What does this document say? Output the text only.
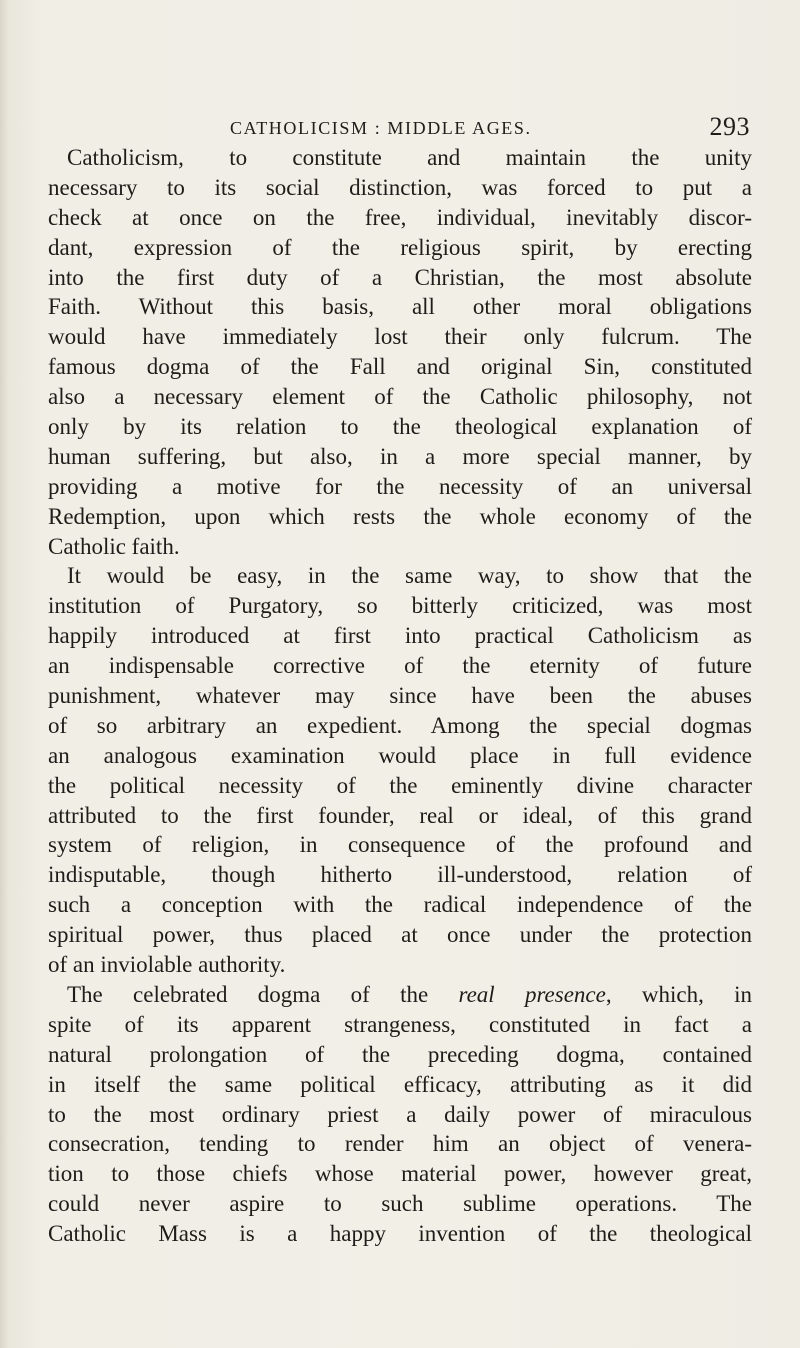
CATHOLICISM : MIDDLE AGES.	293
Catholicism, to constitute and maintain the unity
necessary to its social distinction, was forced to put a
check at once on the free, individual, inevitably discor-
dant, expression of the religious spirit, by erecting
into the first duty of a Christian, the most absolute
Faith. Without this basis, all other moral obligations
would have immediately lost their only fulcrum. The
famous dogma of the Fall and original Sin, constituted
also a necessary element of the Catholic philosophy, not
only by its relation to the theological explanation of
human suffering, but also, in a more special manner, by
providing a motive for the necessity of an universal
Redemption, upon which rests the whole economy of the
Catholic faith.
It would be easy, in the same way, to show that the
institution of Purgatory, so bitterly criticized, was most
happily introduced at first into practical Catholicism as
an indispensable corrective of the eternity of future
punishment, whatever may since have been the abuses
of so arbitrary an expedient. Among the special dogmas
an analogous examination would place in full evidence
the political necessity of the eminently divine character
attributed to the first founder, real or ideal, of this grand
system of religion, in consequence of the profound and
indisputable, though hitherto ill-understood, relation of
such a conception with the radical independence of the
spiritual power, thus placed at once under the protection
of an inviolable authority.
The celebrated dogma of the real presence, which, in
spite of its apparent strangeness, constituted in fact a
natural prolongation of the preceding dogma, contained
in itself the same political efficacy, attributing as it did
to the most ordinary priest a daily power of miraculous
consecration, tending to render him an object of venera-
tion to those chiefs whose material power, however great,
could never aspire to such sublime operations. The
Catholic Mass is a happy invention of the theological
